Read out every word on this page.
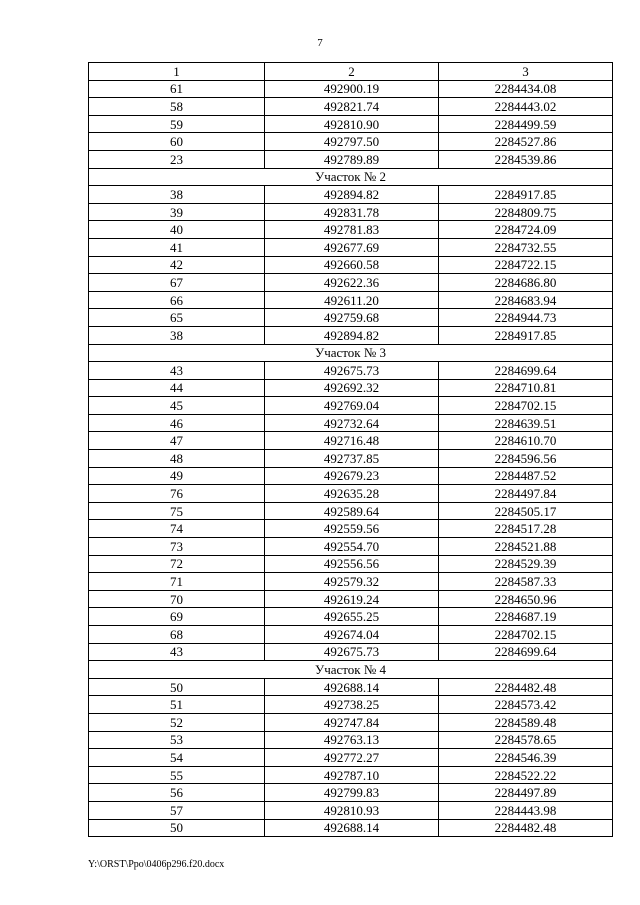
7
1	2	3
61	492900.19	2284434.08
58	492821.74	2284443.02
59	492810.90	2284499.59
60	492797.50	2284527.86
23	492789.89	2284539.86
Участок № 2		
38	492894.82	2284917.85
39	492831.78	2284809.75
40	492781.83	2284724.09
41	492677.69	2284732.55
42	492660.58	2284722.15
67	492622.36	2284686.80
66	492611.20	2284683.94
65	492759.68	2284944.73
38	492894.82	2284917.85
Участок № 3		
43	492675.73	2284699.64
44	492692.32	2284710.81
45	492769.04	2284702.15
46	492732.64	2284639.51
47	492716.48	2284610.70
48	492737.85	2284596.56
49	492679.23	2284487.52
76	492635.28	2284497.84
75	492589.64	2284505.17
74	492559.56	2284517.28
73	492554.70	2284521.88
72	492556.56	2284529.39
71	492579.32	2284587.33
70	492619.24	2284650.96
69	492655.25	2284687.19
68	492674.04	2284702.15
43	492675.73	2284699.64
Участок № 4		
50	492688.14	2284482.48
51	492738.25	2284573.42
52	492747.84	2284589.48
53	492763.13	2284578.65
54	492772.27	2284546.39
55	492787.10	2284522.22
56	492799.83	2284497.89
57	492810.93	2284443.98
50	492688.14	2284482.48
Y:\ORST\Ppo\0406p296.f20.docx
